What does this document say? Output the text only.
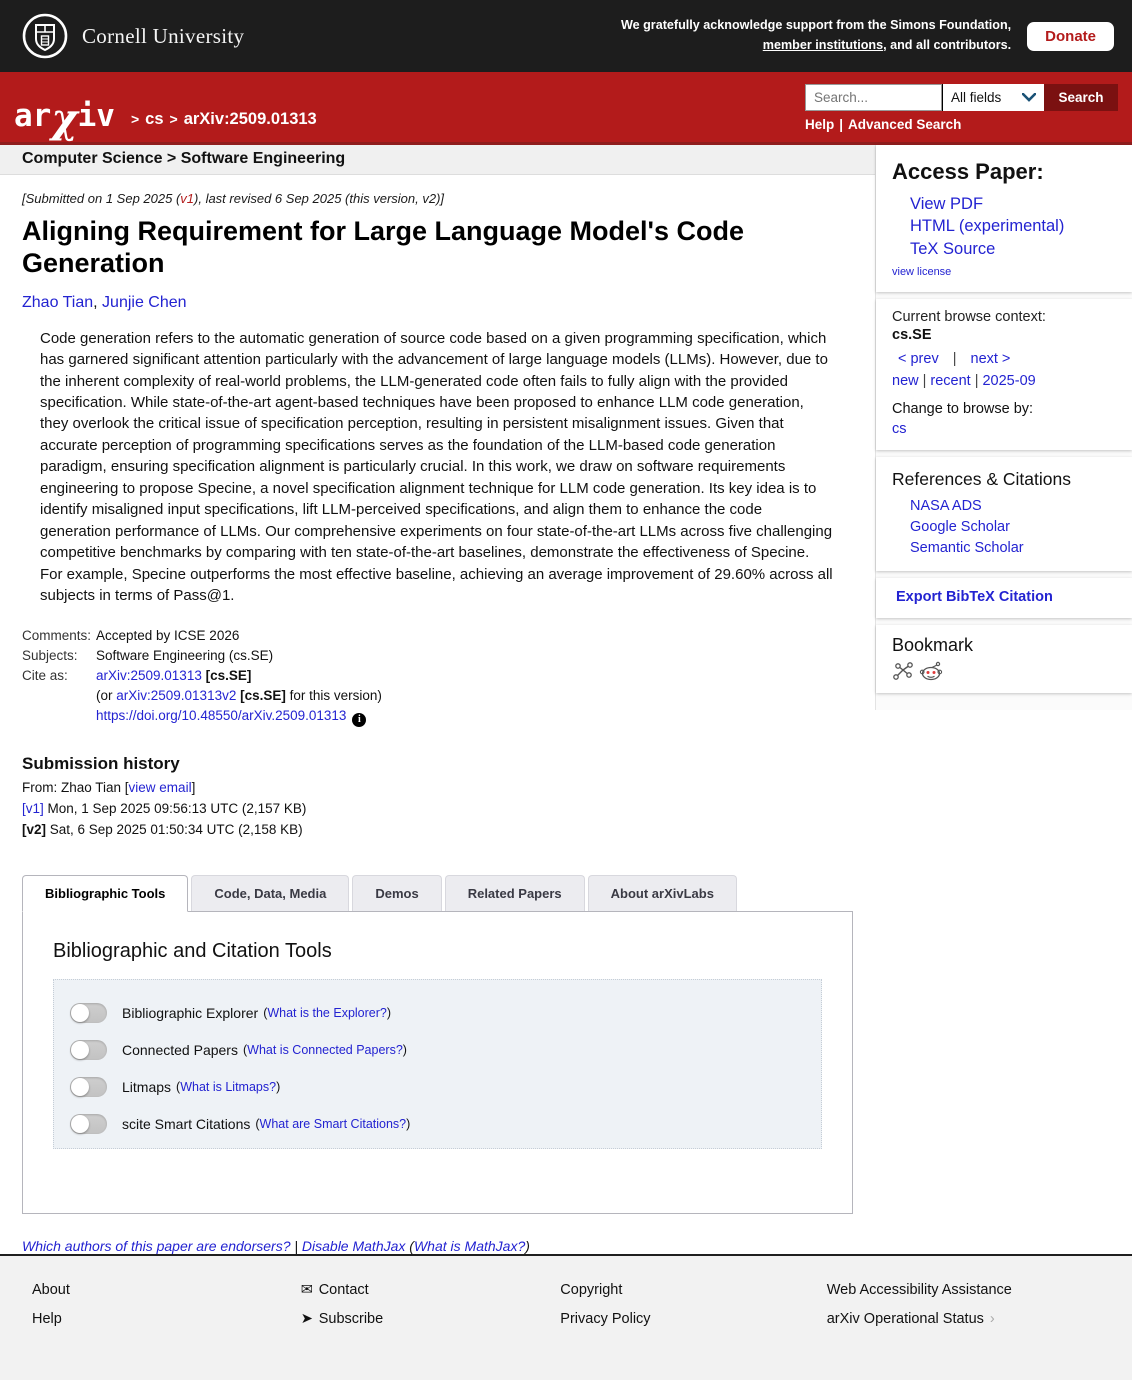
Cornell University	We gratefully acknowledge support from the Simons Foundation,
member institutions, and all contributors.
Donate
arχiv	> cs > arXiv:2509.01313
Search...
All fields	Search
Help | Advanced Search
Computer Science > Software Engineering
[Submitted on 1 Sep 2025 (v1), last revised 6 Sep 2025 (this version, v2)]
Aligning Requirement for Large Language Model's Code Generation
Zhao Tian, Junjie Chen

Code generation refers to the automatic generation of source code based on a given programming specification, which has garnered significant attention particularly with the advancement of large language models (LLMs). However, due to the inherent complexity of real-world problems, the LLM-generated code often fails to fully align with the provided specification. While state-of-the-art agent-based techniques have been proposed to enhance LLM code generation, they overlook the critical issue of specification perception, resulting in persistent misalignment issues. Given that accurate perception of programming specifications serves as the foundation of the LLM-based code generation paradigm, ensuring specification alignment is particularly crucial. In this work, we draw on software requirements engineering to propose Specine, a novel specification alignment technique for LLM code generation. Its key idea is to identify misaligned input specifications, lift LLM-perceived specifications, and align them to enhance the code generation performance of LLMs. Our comprehensive experiments on four state-of-the-art LLMs across five challenging competitive benchmarks by comparing with ten state-of-the-art baselines, demonstrate the effectiveness of Specine. For example, Specine outperforms the most effective baseline, achieving an average improvement of 29.60% across all subjects in terms of Pass@1.

Comments: Accepted by ICSE 2026
Subjects:	Software Engineering (cs.SE)
Cite as:	arXiv:2509.01313 [cs.SE]
(or arXiv:2509.01313v2 [cs.SE] for this version)
https://doi.org/10.48550/arXiv.2509.01313 i
Submission history
From: Zhao Tian [view email]
[v1] Mon, 1 Sep 2025 09:56:13 UTC (2,157 KB)
[v2] Sat, 6 Sep 2025 01:50:34 UTC (2,158 KB)
Bibliographic Tools	Code, Data, Media	Demos	Related Papers	About arXivLabs
Bibliographic and Citation Tools
Bibliographic Explorer (What is the Explorer?)
Connected Papers (What is Connected Papers?)
Litmaps (What is Litmaps?)
scite Smart Citations (What are Smart Citations?)
Which authors of this paper are endorsers? | Disable MathJax (What is MathJax?)
Access Paper:
View PDF
HTML (experimental)
TeX Source
view license
Current browse context:
cs.SE
< prev | next >
new | recent | 2025-09
Change to browse by:
cs
References & Citations
NASA ADS
Google Scholar
Semantic Scholar
Export BibTeX Citation
Bookmark
About
Help
✉ Contact
➤ Subscribe
Copyright
Privacy Policy
Web Accessibility Assistance
arXiv Operational Status ›
